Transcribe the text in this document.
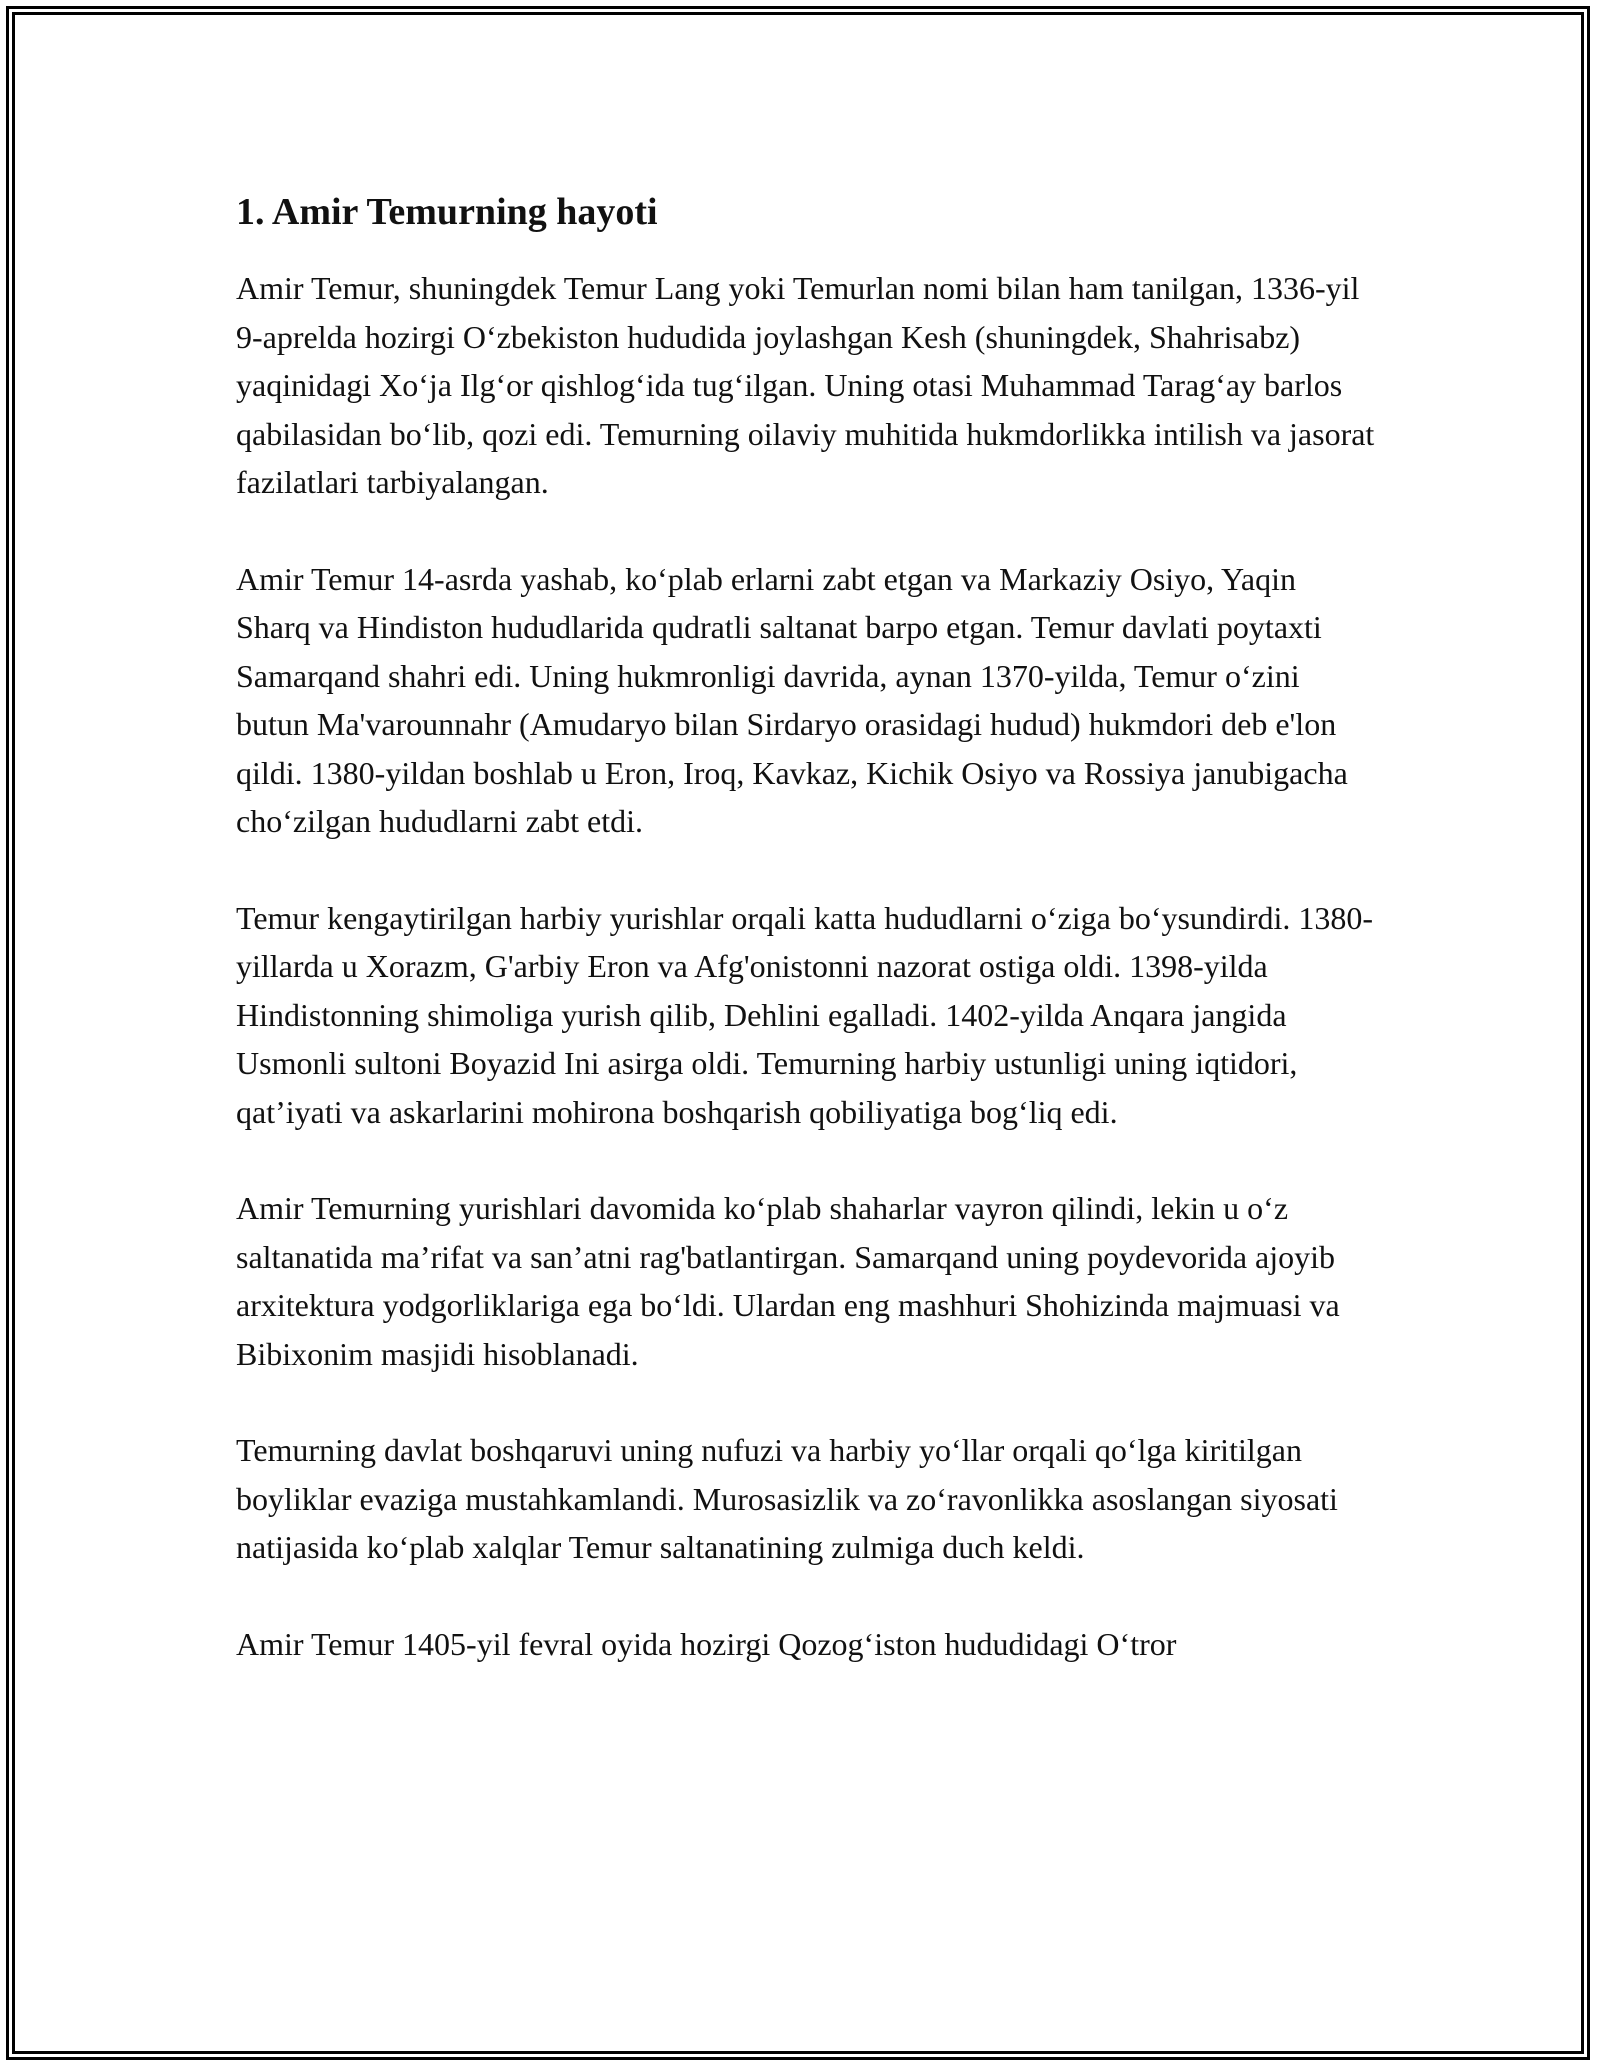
1. Amir Temurning hayoti

Amir Temur, shuningdek Temur Lang yoki Temurlan nomi bilan ham tanilgan, 1336-yil 9-aprelda hozirgi Oʻzbekiston hududida joylashgan Kesh (shuningdek, Shahrisabz) yaqinidagi Xoʻja Ilgʻor qishlogʻida tugʻilgan. Uning otasi Muhammad Taragʻay barlos qabilasidan boʻlib, qozi edi. Temurning oilaviy muhitida hukmdorlikka intilish va jasorat fazilatlari tarbiyalangan.

Amir Temur 14-asrda yashab, koʻplab erlarni zabt etgan va Markaziy Osiyo, Yaqin Sharq va Hindiston hududlarida qudratli saltanat barpo etgan. Temur davlati poytaxti Samarqand shahri edi. Uning hukmronligi davrida, aynan 1370-yilda, Temur oʻzini butun Ma'varounnahr (Amudaryo bilan Sirdaryo orasidagi hudud) hukmdori deb e'lon qildi. 1380-yildan boshlab u Eron, Iroq, Kavkaz, Kichik Osiyo va Rossiya janubigacha choʻzilgan hududlarni zabt etdi.

Temur kengaytirilgan harbiy yurishlar orqali katta hududlarni oʻziga boʻysundirdi. 1380-yillarda u Xorazm, G'arbiy Eron va Afg'onistonni nazorat ostiga oldi. 1398-yilda Hindistonning shimoliga yurish qilib, Dehlini egalladi. 1402-yilda Anqara jangida Usmonli sultoni Boyazid Ini asirga oldi. Temurning harbiy ustunligi uning iqtidori, qat’iyati va askarlarini mohirona boshqarish qobiliyatiga bogʻliq edi.

Amir Temurning yurishlari davomida koʻplab shaharlar vayron qilindi, lekin u oʻz saltanatida ma’rifat va san’atni rag'batlantirgan. Samarqand uning poydevorida ajoyib arxitektura yodgorliklariga ega boʻldi. Ulardan eng mashhuri Shohizinda majmuasi va Bibixonim masjidi hisoblanadi.

Temurning davlat boshqaruvi uning nufuzi va harbiy yoʻllar orqali qoʻlga kiritilgan boyliklar evaziga mustahkamlandi. Murosasizlik va zoʻravonlikka asoslangan siyosati natijasida koʻplab xalqlar Temur saltanatining zulmiga duch keldi.

Amir Temur 1405-yil fevral oyida hozirgi Qozogʻiston hududidagi Oʻtror
